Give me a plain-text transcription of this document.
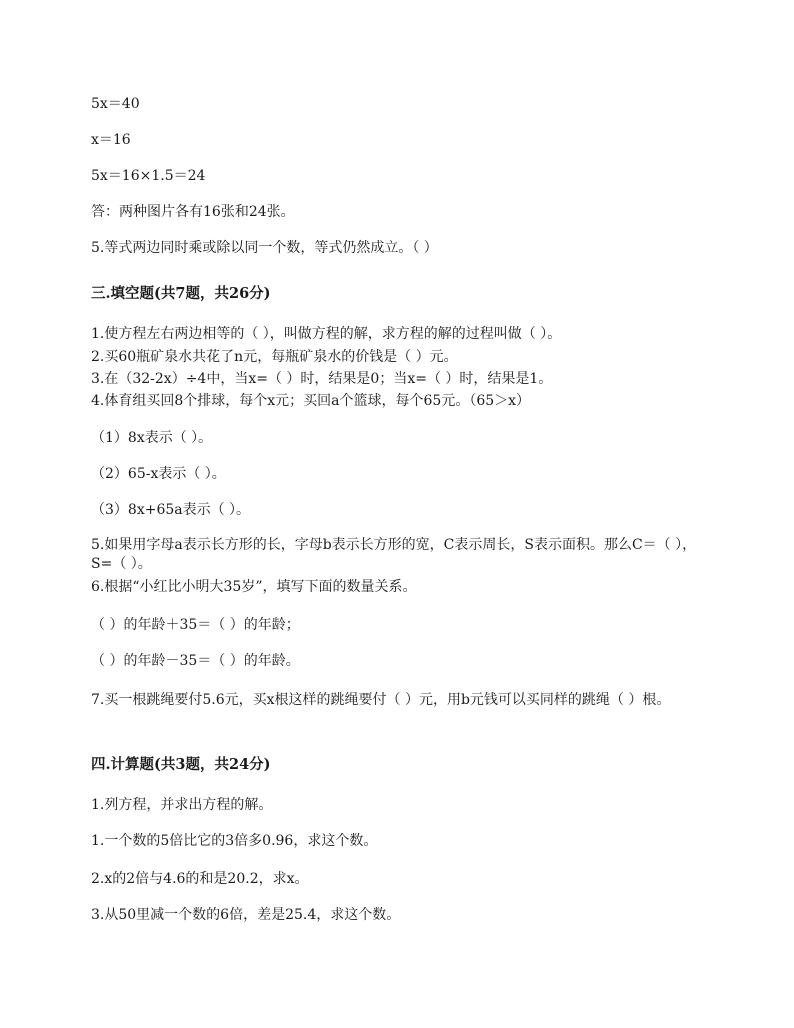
5x＝40
x＝16
5x＝16×1.5＝24
答：两种图片各有16张和24张。
5.等式两边同时乘或除以同一个数，等式仍然成立。（ ）
三.填空题(共7题，共26分)
1.使方程左右两边相等的（ ），叫做方程的解，求方程的解的过程叫做（ ）。
2.买60瓶矿泉水共花了n元，每瓶矿泉水的价钱是（ ）元。
3.在（32-2x）÷4中，当x=（ ）时，结果是0；当x=（ ）时，结果是1。
4.体育组买回8个排球，每个x元；买回a个篮球，每个65元。（65＞x）
（1）8x表示（ ）。
（2）65-x表示（ ）。
（3）8x+65a表示（ ）。
5.如果用字母a表示长方形的长，字母b表示长方形的宽，C表示周长，S表示面积。那么C＝（ ），S=（ ）。
6.根据“小红比小明大35岁”，填写下面的数量关系。
（ ）的年龄＋35＝（ ）的年龄；
（ ）的年龄－35＝（ ）的年龄。
7.买一根跳绳要付5.6元，买x根这样的跳绳要付（ ）元，用b元钱可以买同样的跳绳（ ）根。
四.计算题(共3题，共24分)
1.列方程，并求出方程的解。
1.一个数的5倍比它的3倍多0.96，求这个数。
2.x的2倍与4.6的和是20.2，求x。
3.从50里减一个数的6倍，差是25.4，求这个数。
